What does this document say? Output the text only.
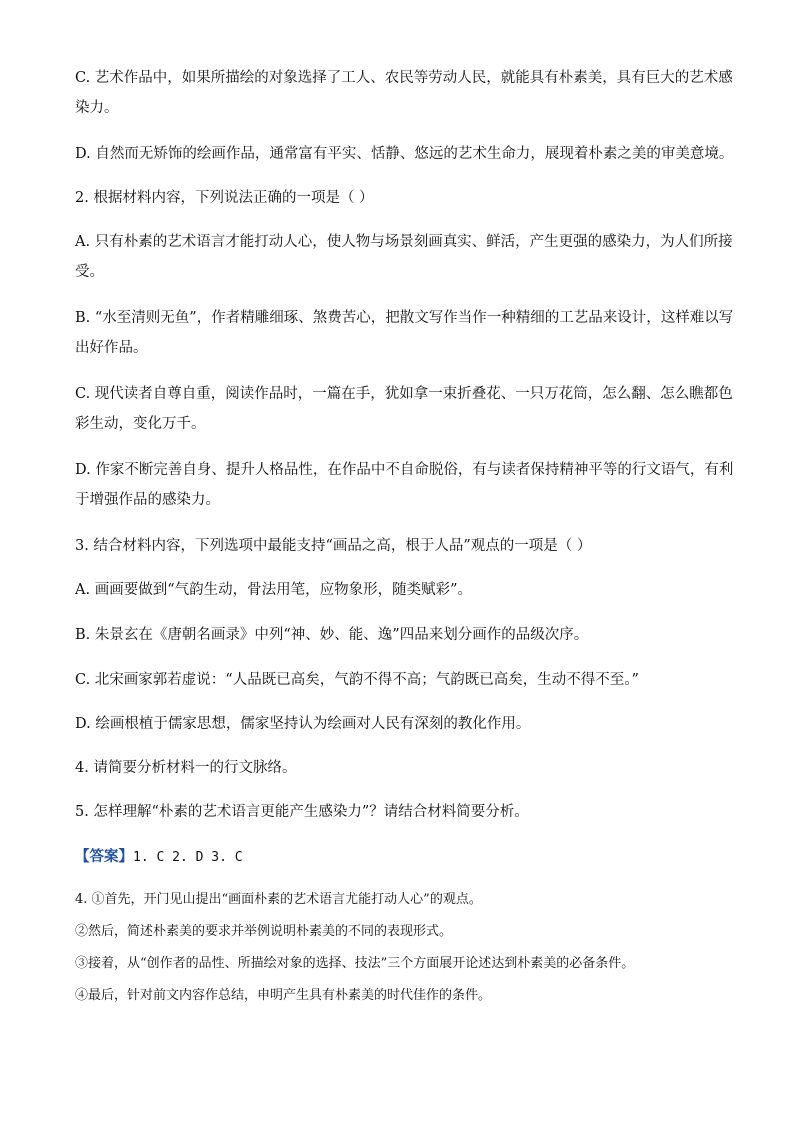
C. 艺术作品中，如果所描绘的对象选择了工人、农民等劳动人民，就能具有朴素美，具有巨大的艺术感
染力。
D. 自然而无矫饰的绘画作品，通常富有平实、恬静、悠远的艺术生命力，展现着朴素之美的审美意境。
2. 根据材料内容，下列说法正确的一项是（ ）
A. 只有朴素的艺术语言才能打动人心，使人物与场景刻画真实、鲜活，产生更强的感染力，为人们所接
受。
B. “水至清则无鱼”，作者精雕细琢、煞费苦心，把散文写作当作一种精细的工艺品来设计，这样难以写
出好作品。
C. 现代读者自尊自重，阅读作品时，一篇在手，犹如拿一束折叠花、一只万花筒，怎么翻、怎么瞧都色
彩生动，变化万千。
D. 作家不断完善自身、提升人格品性，在作品中不自命脱俗，有与读者保持精神平等的行文语气，有利
于增强作品的感染力。
3. 结合材料内容，下列选项中最能支持“画品之高，根于人品”观点的一项是（ ）
A. 画画要做到“气韵生动，骨法用笔，应物象形，随类赋彩”。
B. 朱景玄在《唐朝名画录》中列“神、妙、能、逸”四品来划分画作的品级次序。
C. 北宋画家郭若虚说：“人品既已高矣，气韵不得不高；气韵既已高矣，生动不得不至。”
D. 绘画根植于儒家思想，儒家坚持认为绘画对人民有深刻的教化作用。
4. 请简要分析材料一的行文脉络。
5. 怎样理解“朴素的艺术语言更能产生感染力”？请结合材料简要分析。
【答案】1. C 2. D 3. C
4. ①首先，开门见山提出“画面朴素的艺术语言尤能打动人心”的观点。
②然后，简述朴素美的要求并举例说明朴素美的不同的表现形式。
③接着，从“创作者的品性、所描绘对象的选择、技法”三个方面展开论述达到朴素美的必备条件。
④最后，针对前文内容作总结，申明产生具有朴素美的时代佳作的条件。
